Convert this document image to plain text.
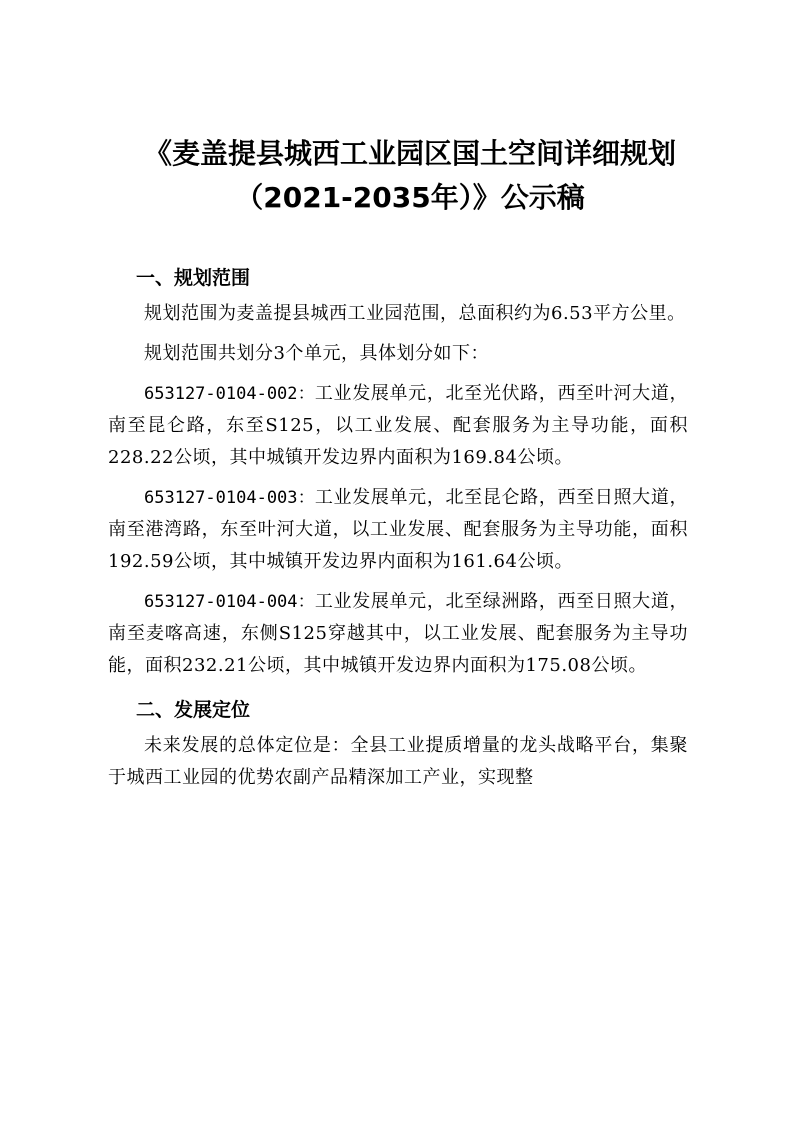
《麦盖提县城西工业园区国土空间详细规划
（2021-2035年）》公示稿
一、规划范围

规划范围为麦盖提县城西工业园范围，总面积约为6.53平方公里。

规划范围共划分3个单元，具体划分如下：

653127-0104-002：工业发展单元，北至光伏路，西至叶河大道，南至昆仑路，东至S125，以工业发展、配套服务为主导功能，面积228.22公顷，其中城镇开发边界内面积为169.84公顷。

653127-0104-003：工业发展单元，北至昆仑路，西至日照大道，南至港湾路，东至叶河大道，以工业发展、配套服务为主导功能，面积192.59公顷，其中城镇开发边界内面积为161.64公顷。

653127-0104-004：工业发展单元，北至绿洲路，西至日照大道，南至麦喀高速，东侧S125穿越其中，以工业发展、配套服务为主导功能，面积232.21公顷，其中城镇开发边界内面积为175.08公顷。

二、发展定位

未来发展的总体定位是：全县工业提质增量的龙头战略平台，集聚于城西工业园的优势农副产品精深加工产业，实现整
